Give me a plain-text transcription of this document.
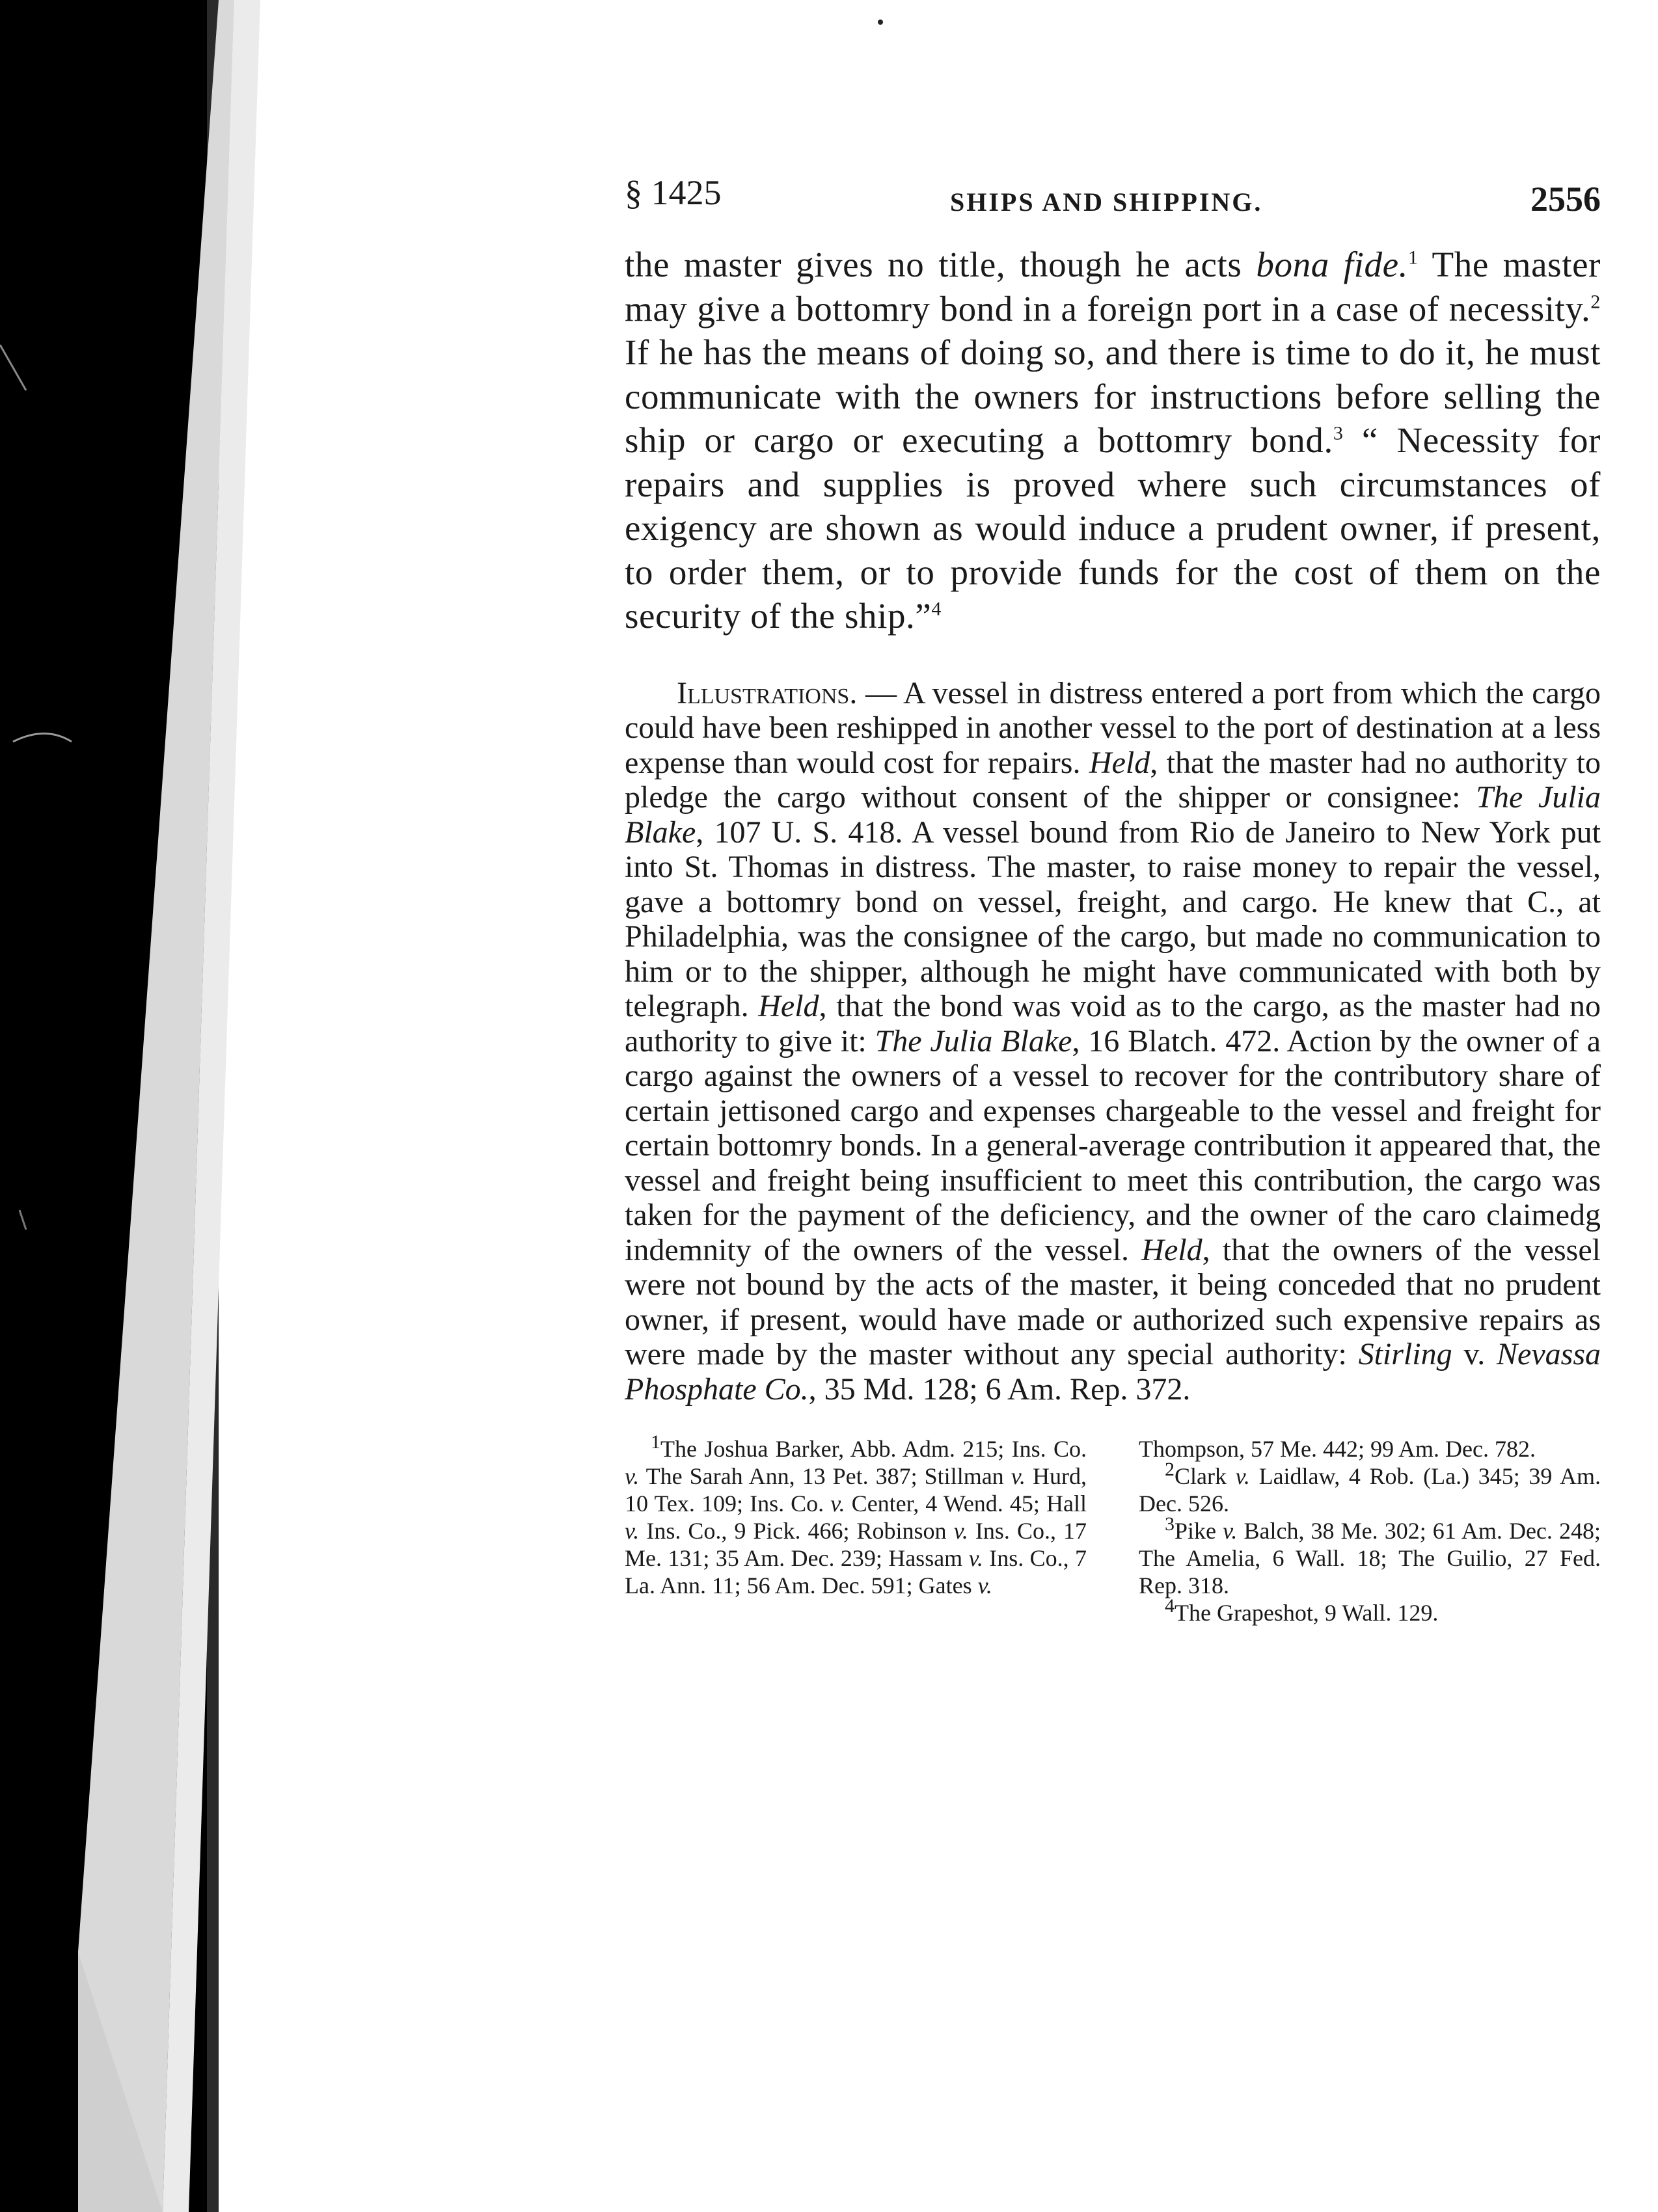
§ 1425	SHIPS AND SHIPPING.	2556

the master gives no title, though he acts bona fide.$^1$ The master may give a bottomry bond in a foreign port in a case of necessity.$^2$ If he has the means of doing so, and there is time to do it, he must communicate with the owners for instructions before selling the ship or cargo or executing a bottomry bond.$^3$ “ Necessity for repairs and supplies is proved where such circumstances of exigency are shown as would induce a prudent owner, if present, to order them, or to provide funds for the cost of them on the security of the ship.”$^4$

Illustrations. — A vessel in distress entered a port from which the cargo could have been reshipped in another vessel to the port of destination at a less expense than would cost for repairs. Held, that the master had no authority to pledge the cargo without consent of the shipper or consignee: The Julia Blake, 107 U. S. 418. A vessel bound from Rio de Janeiro to New York put into St. Thomas in distress. The master, to raise money to repair the vessel, gave a bottomry bond on vessel, freight, and cargo. He knew that C., at Philadelphia, was the consignee of the cargo, but made no communication to him or to the shipper, although he might have communicated with both by telegraph. Held, that the bond was void as to the cargo, as the master had no authority to give it: The Julia Blake, 16 Blatch. 472. Action by the owner of a cargo against the owners of a vessel to recover for the contributory share of certain jettisoned cargo and expenses chargeable to the vessel and freight for certain bottomry bonds. In a general-average contribution it appeared that, the vessel and freight being insufficient to meet this contribution, the cargo was taken for the payment of the deficiency, and the owner of the caro claimedg indemnity of the owners of the vessel. Held, that the owners of the vessel were not bound by the acts of the master, it being conceded that no prudent owner, if present, would have made or authorized such expensive repairs as were made by the master without any special authority: Stirling v. Nevassa Phosphate Co., 35 Md. 128; 6 Am. Rep. 372.

$^1$The Joshua Barker, Abb. Adm. 215; Ins. Co. v. The Sarah Ann, 13 Pet. 387; Stillman v. Hurd, 10 Tex. 109; Ins. Co. v. Center, 4 Wend. 45; Hall v. Ins. Co., 9 Pick. 466; Robinson v. Ins. Co., 17 Me. 131; 35 Am. Dec. 239; Hassam v. Ins. Co., 7 La. Ann. 11; 56 Am. Dec. 591; Gates v.

Thompson, 57 Me. 442; 99 Am. Dec. 782.

$^2$Clark v. Laidlaw, 4 Rob. (La.) 345; 39 Am. Dec. 526.

$^3$Pike v. Balch, 38 Me. 302; 61 Am. Dec. 248; The Amelia, 6 Wall. 18; The Guilio, 27 Fed. Rep. 318.

$^4$The Grapeshot, 9 Wall. 129.
